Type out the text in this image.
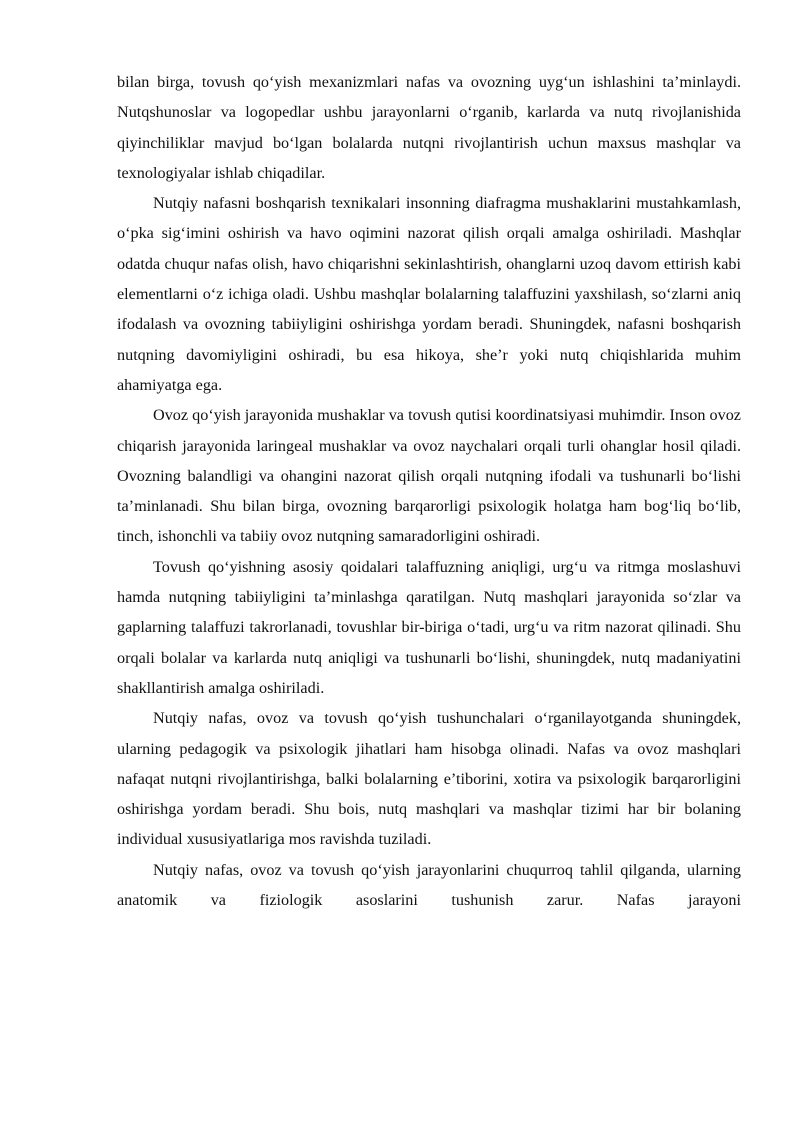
bilan birga, tovush qo‘yish mexanizmlari nafas va ovozning uyg‘un ishlashini ta’minlaydi. Nutqshunoslar va logopedlar ushbu jarayonlarni o‘rganib, karlarda va nutq rivojlanishida qiyinchiliklar mavjud bo‘lgan bolalarda nutqni rivojlantirish uchun maxsus mashqlar va texnologiyalar ishlab chiqadilar.

Nutqiy nafasni boshqarish texnikalari insonning diafragma mushaklarini mustahkamlash, o‘pka sig‘imini oshirish va havo oqimini nazorat qilish orqali amalga oshiriladi. Mashqlar odatda chuqur nafas olish, havo chiqarishni sekinlashtirish, ohanglarni uzoq davom ettirish kabi elementlarni o‘z ichiga oladi. Ushbu mashqlar bolalarning talaffuzini yaxshilash, so‘zlarni aniq ifodalash va ovozning tabiiyligini oshirishga yordam beradi. Shuningdek, nafasni boshqarish nutqning davomiyligini oshiradi, bu esa hikoya, she’r yoki nutq chiqishlarida muhim ahamiyatga ega.

Ovoz qo‘yish jarayonida mushaklar va tovush qutisi koordinatsiyasi muhimdir. Inson ovoz chiqarish jarayonida laringeal mushaklar va ovoz naychalari orqali turli ohanglar hosil qiladi. Ovozning balandligi va ohangini nazorat qilish orqali nutqning ifodali va tushunarli bo‘lishi ta’minlanadi. Shu bilan birga, ovozning barqarorligi psixologik holatga ham bog‘liq bo‘lib, tinch, ishonchli va tabiiy ovoz nutqning samaradorligini oshiradi.

Tovush qo‘yishning asosiy qoidalari talaffuzning aniqligi, urg‘u va ritmga moslashuvi hamda nutqning tabiiyligini ta’minlashga qaratilgan. Nutq mashqlari jarayonida so‘zlar va gaplarning talaffuzi takrorlanadi, tovushlar bir-biriga o‘tadi, urg‘u va ritm nazorat qilinadi. Shu orqali bolalar va karlarda nutq aniqligi va tushunarli bo‘lishi, shuningdek, nutq madaniyatini shakllantirish amalga oshiriladi.

Nutqiy nafas, ovoz va tovush qo‘yish tushunchalari o‘rganilayotganda shuningdek, ularning pedagogik va psixologik jihatlari ham hisobga olinadi. Nafas va ovoz mashqlari nafaqat nutqni rivojlantirishga, balki bolalarning e’tiborini, xotira va psixologik barqarorligini oshirishga yordam beradi. Shu bois, nutq mashqlari va mashqlar tizimi har bir bolaning individual xususiyatlariga mos ravishda tuziladi.

Nutqiy nafas, ovoz va tovush qo‘yish jarayonlarini chuqurroq tahlil qilganda, ularning anatomik va fiziologik asoslarini tushunish zarur. Nafas jarayoni
